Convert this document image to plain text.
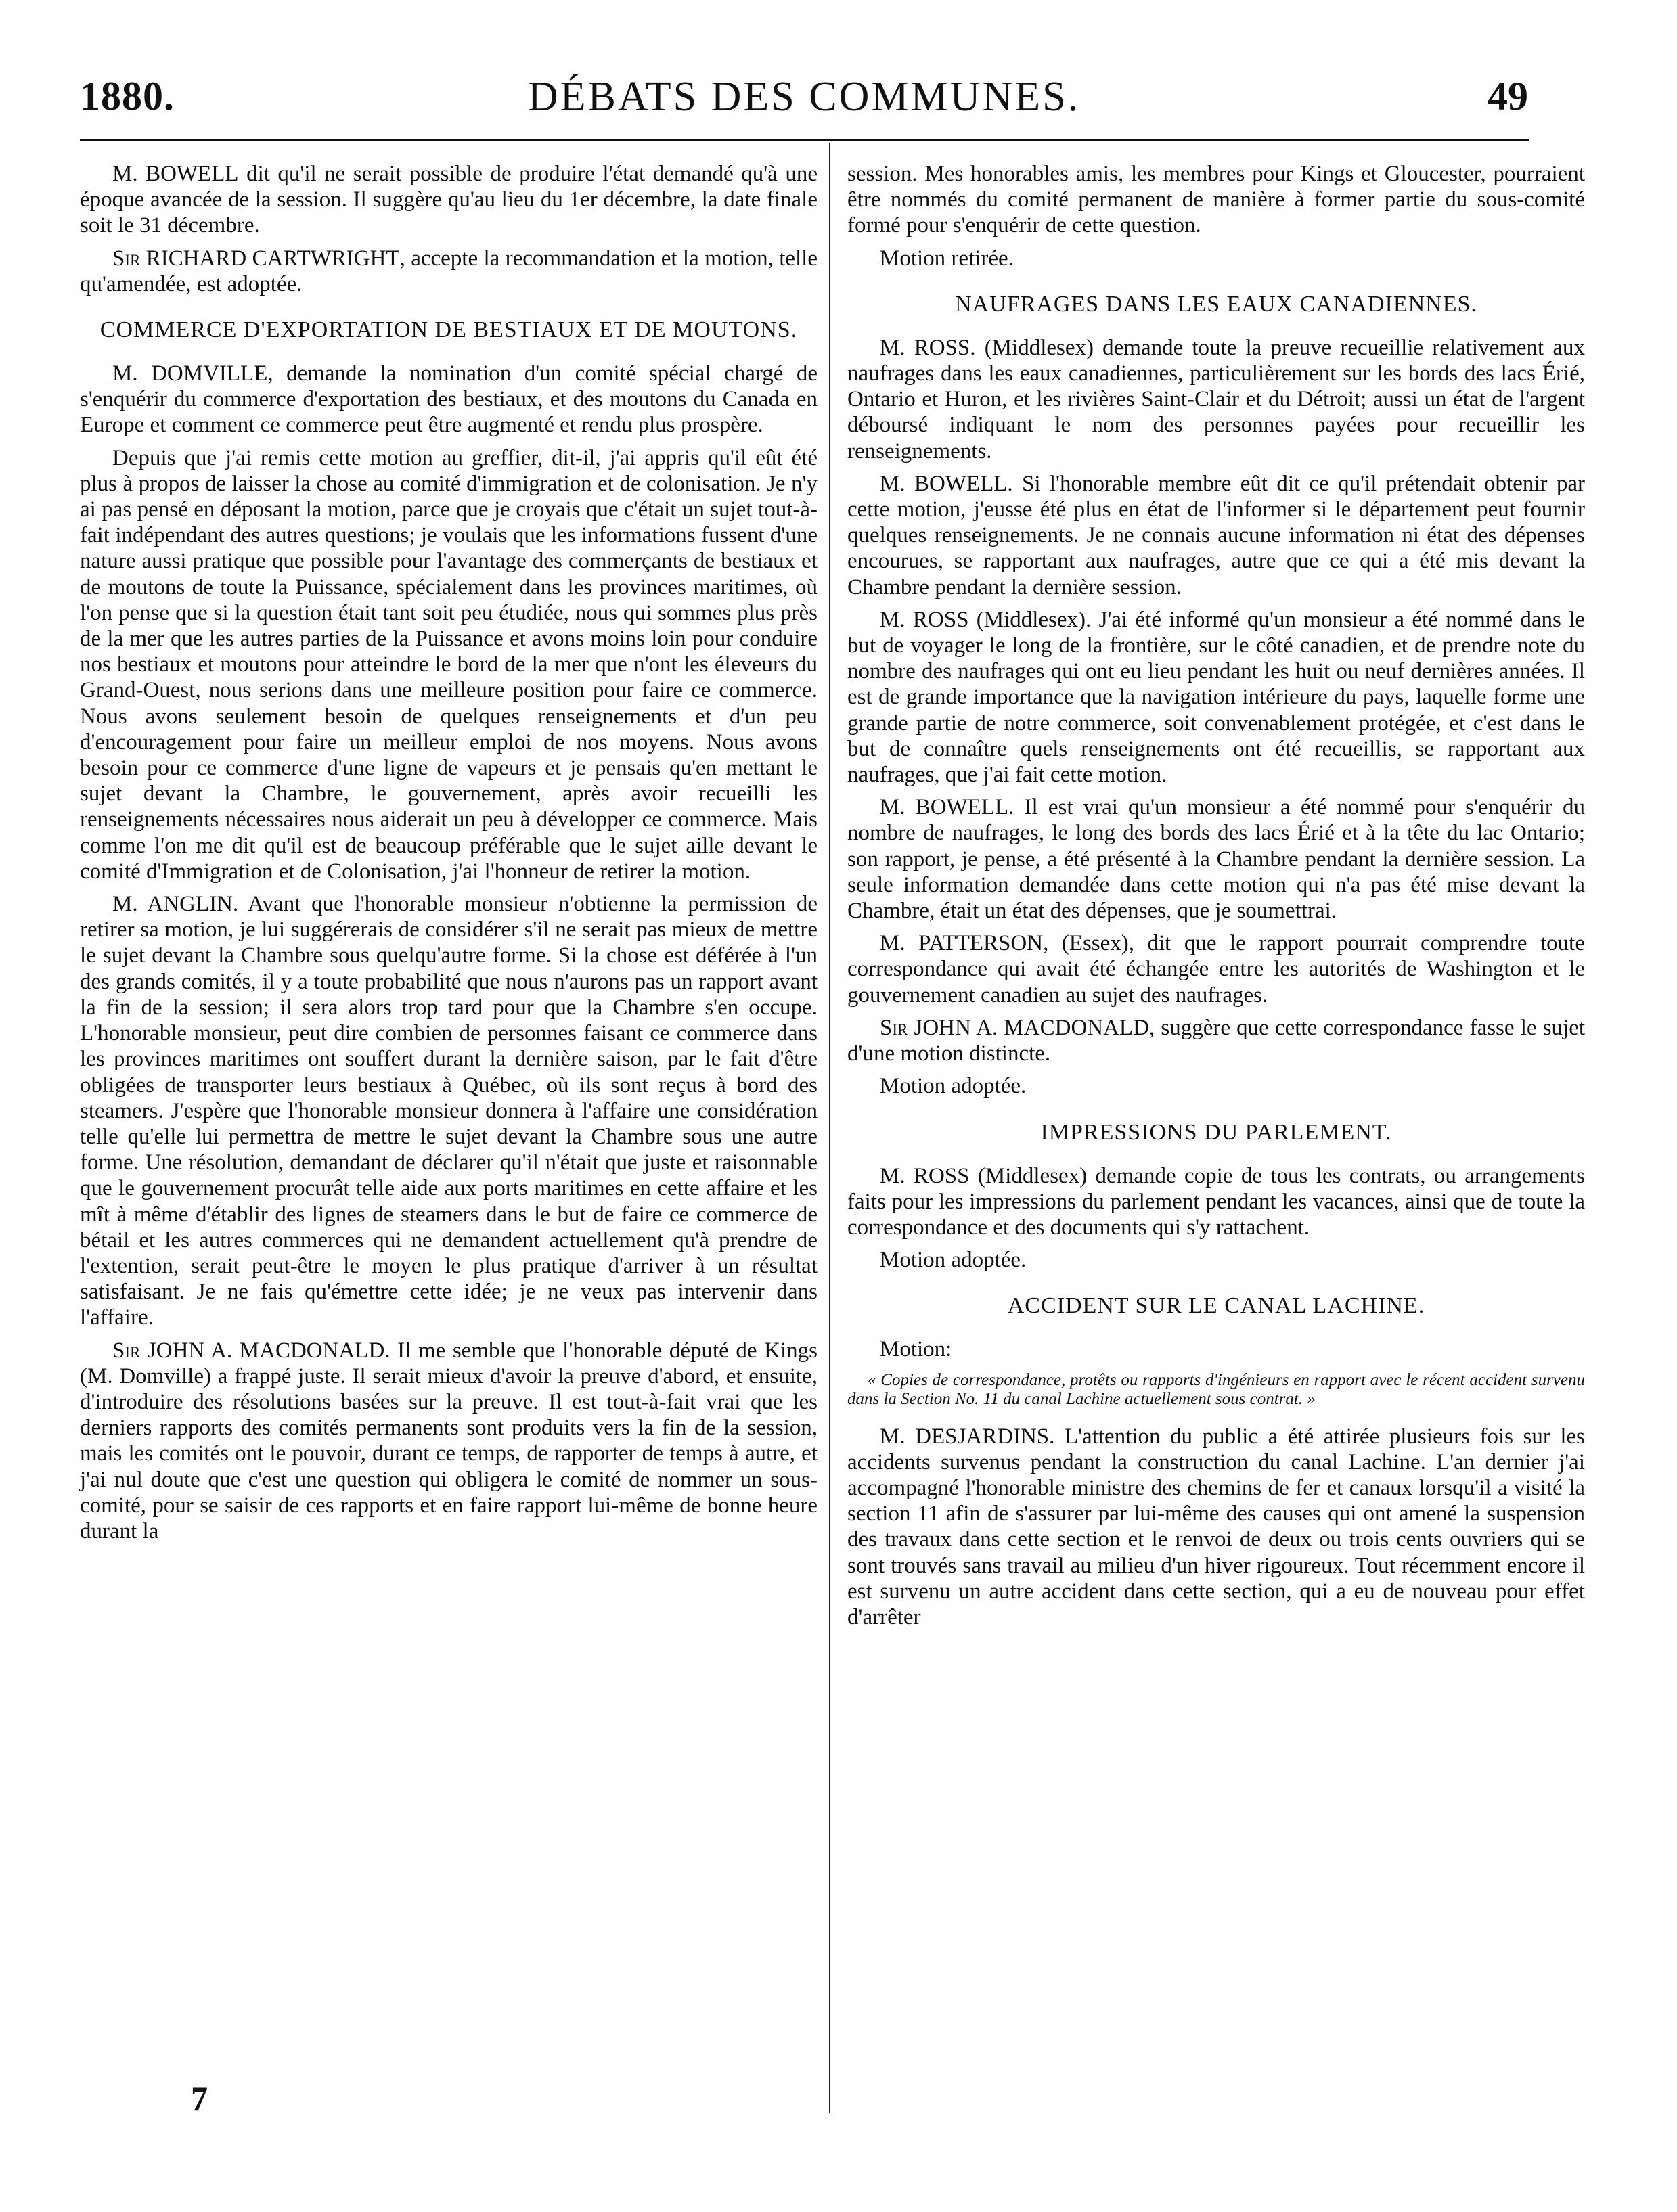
1880.	DÉBATS DES COMMUNES.	49

M. BOWELL dit qu'il ne serait possible de produire l'état demandé qu'à une époque avancée de la session. Il suggère qu'au lieu du 1er décembre, la date finale soit le 31 décembre.

Sir RICHARD CARTWRIGHT, accepte la recommandation et la motion, telle qu'amendée, est adoptée.

COMMERCE D'EXPORTATION DE BESTIAUX ET DE MOUTONS.

M. DOMVILLE, demande la nomination d'un comité spécial chargé de s'enquérir du commerce d'exportation des bestiaux, et des moutons du Canada en Europe et comment ce commerce peut être augmenté et rendu plus prospère.

Depuis que j'ai remis cette motion au greffier, dit-il, j'ai appris qu'il eût été plus à propos de laisser la chose au comité d'immigration et de colonisation. Je n'y ai pas pensé en déposant la motion, parce que je croyais que c'était un sujet tout-à-fait indépendant des autres questions; je voulais que les informations fussent d'une nature aussi pratique que possible pour l'avantage des commerçants de bestiaux et de moutons de toute la Puissance, spécialement dans les provinces maritimes, où l'on pense que si la question était tant soit peu étudiée, nous qui sommes plus près de la mer que les autres parties de la Puissance et avons moins loin pour conduire nos bestiaux et moutons pour atteindre le bord de la mer que n'ont les éleveurs du Grand-Ouest, nous serions dans une meilleure position pour faire ce commerce. Nous avons seulement besoin de quelques renseignements et d'un peu d'encouragement pour faire un meilleur emploi de nos moyens. Nous avons besoin pour ce commerce d'une ligne de vapeurs et je pensais qu'en mettant le sujet devant la Chambre, le gouvernement, après avoir recueilli les renseignements nécessaires nous aiderait un peu à développer ce commerce. Mais comme l'on me dit qu'il est de beaucoup préférable que le sujet aille devant le comité d'Immigration et de Colonisation, j'ai l'honneur de retirer la motion.

M. ANGLIN. Avant que l'honorable monsieur n'obtienne la permission de retirer sa motion, je lui suggérerais de considérer s'il ne serait pas mieux de mettre le sujet devant la Chambre sous quelqu'autre forme. Si la chose est déférée à l'un des grands comités, il y a toute probabilité que nous n'aurons pas un rapport avant la fin de la session; il sera alors trop tard pour que la Chambre s'en occupe. L'honorable monsieur, peut dire combien de personnes faisant ce commerce dans les provinces maritimes ont souffert durant la dernière saison, par le fait d'être obligées de transporter leurs bestiaux à Québec, où ils sont reçus à bord des steamers. J'espère que l'honorable monsieur donnera à l'affaire une considération telle qu'elle lui permettra de mettre le sujet devant la Chambre sous une autre forme. Une résolution, demandant de déclarer qu'il n'était que juste et raisonnable que le gouvernement procurât telle aide aux ports maritimes en cette affaire et les mît à même d'établir des lignes de steamers dans le but de faire ce commerce de bétail et les autres commerces qui ne demandent actuellement qu'à prendre de l'extention, serait peut-être le moyen le plus pratique d'arriver à un résultat satisfaisant. Je ne fais qu'émettre cette idée; je ne veux pas intervenir dans l'affaire.

Sir JOHN A. MACDONALD. Il me semble que l'honorable député de Kings (M. Domville) a frappé juste. Il serait mieux d'avoir la preuve d'abord, et ensuite, d'introduire des résolutions basées sur la preuve. Il est tout-à-fait vrai que les derniers rapports des comités permanents sont produits vers la fin de la session, mais les comités ont le pouvoir, durant ce temps, de rapporter de temps à autre, et j'ai nul doute que c'est une question qui obligera le comité de nommer un sous-comité, pour se saisir de ces rapports et en faire rapport lui-même de bonne heure durant la

session. Mes honorables amis, les membres pour Kings et Gloucester, pourraient être nommés du comité permanent de manière à former partie du sous-comité formé pour s'enquérir de cette question.

Motion retirée.

NAUFRAGES DANS LES EAUX CANADIENNES.

M. ROSS. (Middlesex) demande toute la preuve recueillie relativement aux naufrages dans les eaux canadiennes, particulièrement sur les bords des lacs Érié, Ontario et Huron, et les rivières Saint-Clair et du Détroit; aussi un état de l'argent déboursé indiquant le nom des personnes payées pour recueillir les renseignements.

M. BOWELL. Si l'honorable membre eût dit ce qu'il prétendait obtenir par cette motion, j'eusse été plus en état de l'informer si le département peut fournir quelques renseignements. Je ne connais aucune information ni état des dépenses encourues, se rapportant aux naufrages, autre que ce qui a été mis devant la Chambre pendant la dernière session.

M. ROSS (Middlesex). J'ai été informé qu'un monsieur a été nommé dans le but de voyager le long de la frontière, sur le côté canadien, et de prendre note du nombre des naufrages qui ont eu lieu pendant les huit ou neuf dernières années. Il est de grande importance que la navigation intérieure du pays, laquelle forme une grande partie de notre commerce, soit convenablement protégée, et c'est dans le but de connaître quels renseignements ont été recueillis, se rapportant aux naufrages, que j'ai fait cette motion.

M. BOWELL. Il est vrai qu'un monsieur a été nommé pour s'enquérir du nombre de naufrages, le long des bords des lacs Érié et à la tête du lac Ontario; son rapport, je pense, a été présenté à la Chambre pendant la dernière session. La seule information demandée dans cette motion qui n'a pas été mise devant la Chambre, était un état des dépenses, que je soumettrai.

M. PATTERSON, (Essex), dit que le rapport pourrait comprendre toute correspondance qui avait été échangée entre les autorités de Washington et le gouvernement canadien au sujet des naufrages.

Sir JOHN A. MACDONALD, suggère que cette correspondance fasse le sujet d'une motion distincte.

Motion adoptée.

IMPRESSIONS DU PARLEMENT.

M. ROSS (Middlesex) demande copie de tous les contrats, ou arrangements faits pour les impressions du parlement pendant les vacances, ainsi que de toute la correspondance et des documents qui s'y rattachent.

Motion adoptée.

ACCIDENT SUR LE CANAL LACHINE.

Motion:

« Copies de correspondance, protêts ou rapports d'ingénieurs en rapport avec le récent accident survenu dans la Section No. 11 du canal Lachine actuellement sous contrat. »

M. DESJARDINS. L'attention du public a été attirée plusieurs fois sur les accidents survenus pendant la construction du canal Lachine. L'an dernier j'ai accompagné l'honorable ministre des chemins de fer et canaux lorsqu'il a visité la section 11 afin de s'assurer par lui-même des causes qui ont amené la suspension des travaux dans cette section et le renvoi de deux ou trois cents ouvriers qui se sont trouvés sans travail au milieu d'un hiver rigoureux. Tout récemment encore il est survenu un autre accident dans cette section, qui a eu de nouveau pour effet d'arrêter

7
